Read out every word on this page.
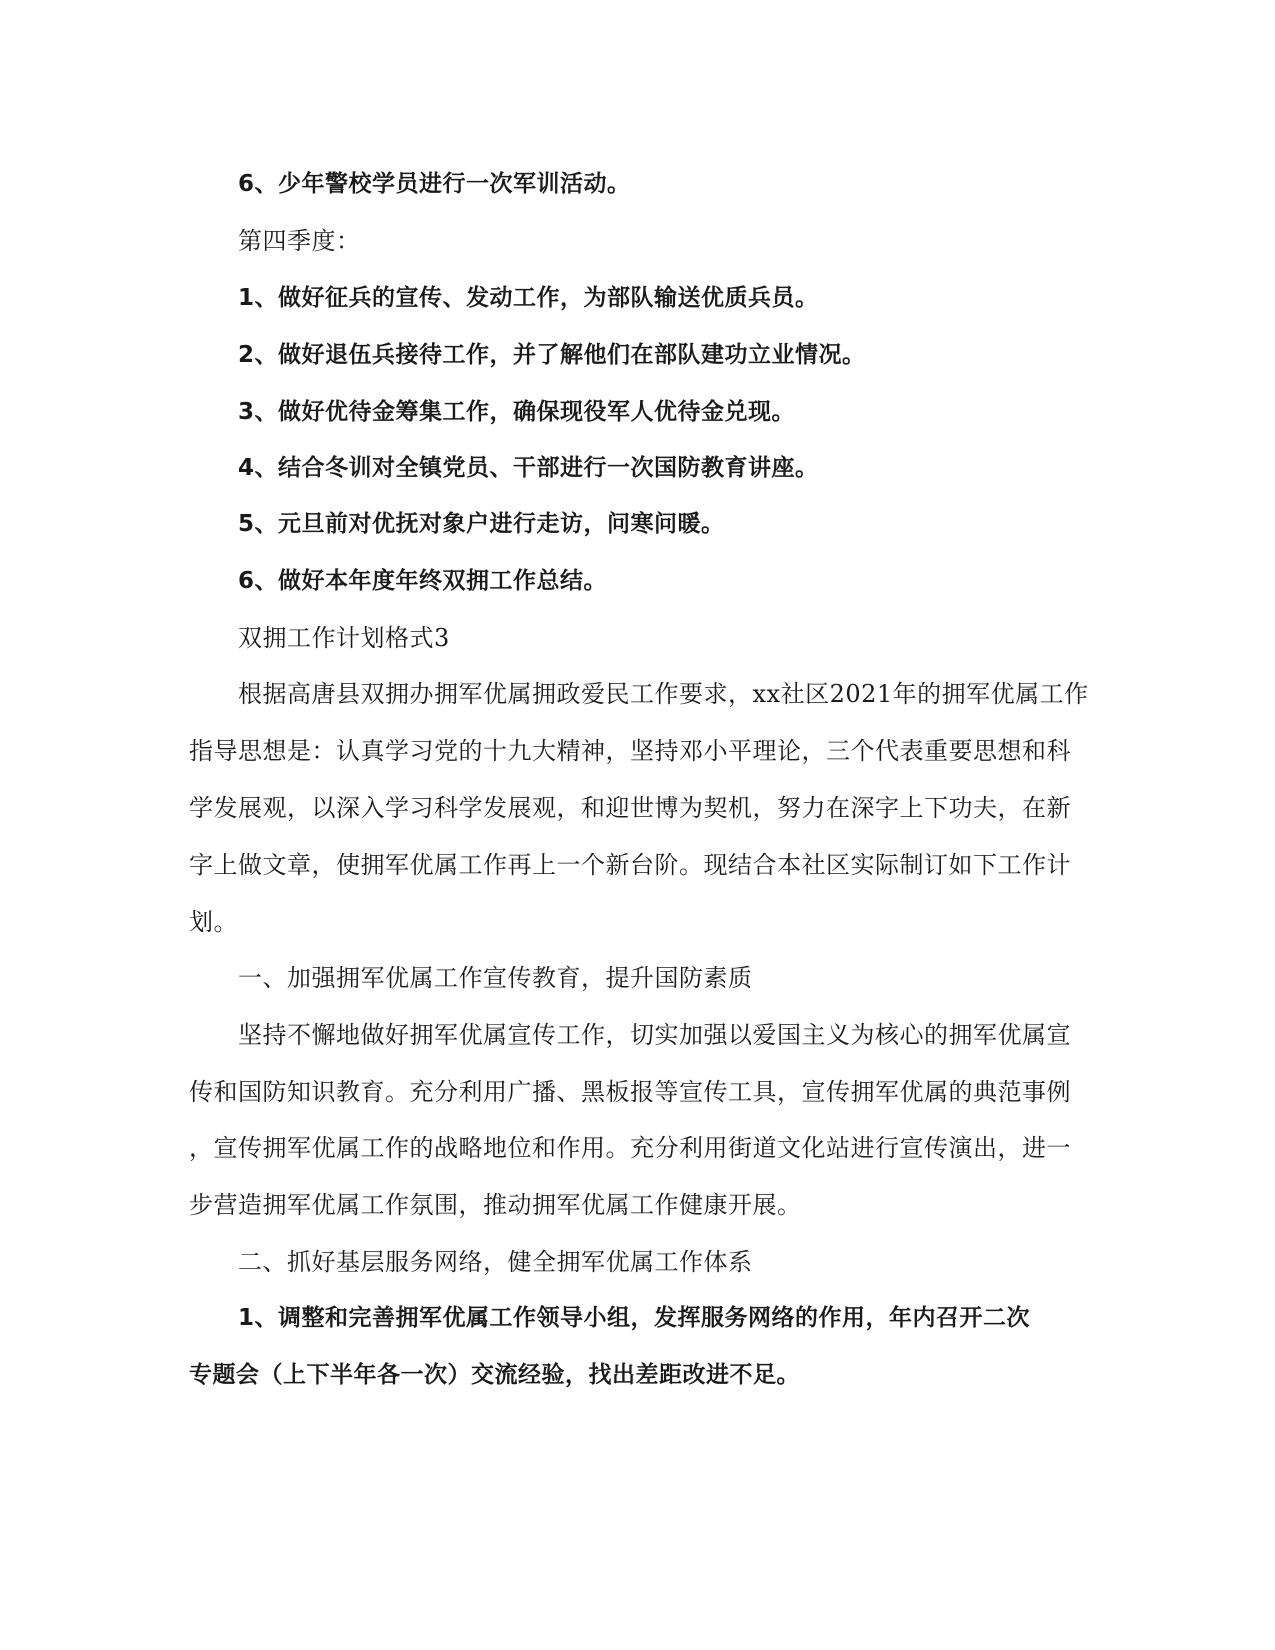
6、少年警校学员进行一次军训活动。
第四季度：
1、做好征兵的宣传、发动工作，为部队输送优质兵员。
2、做好退伍兵接待工作，并了解他们在部队建功立业情况。
3、做好优待金筹集工作，确保现役军人优待金兑现。
4、结合冬训对全镇党员、干部进行一次国防教育讲座。
5、元旦前对优抚对象户进行走访，问寒问暖。
6、做好本年度年终双拥工作总结。
双拥工作计划格式3
根据高唐县双拥办拥军优属拥政爱民工作要求，xx社区2021年的拥军优属工作
指导思想是：认真学习党的十九大精神，坚持邓小平理论，三个代表重要思想和科
学发展观，以深入学习科学发展观，和迎世博为契机，努力在深字上下功夫，在新
字上做文章，使拥军优属工作再上一个新台阶。现结合本社区实际制订如下工作计
划。
一、加强拥军优属工作宣传教育，提升国防素质
坚持不懈地做好拥军优属宣传工作，切实加强以爱国主义为核心的拥军优属宣
传和国防知识教育。充分利用广播、黑板报等宣传工具，宣传拥军优属的典范事例
，宣传拥军优属工作的战略地位和作用。充分利用街道文化站进行宣传演出，进一
步营造拥军优属工作氛围，推动拥军优属工作健康开展。
二、抓好基层服务网络，健全拥军优属工作体系
1、调整和完善拥军优属工作领导小组，发挥服务网络的作用，年内召开二次
专题会（上下半年各一次）交流经验，找出差距改进不足。
